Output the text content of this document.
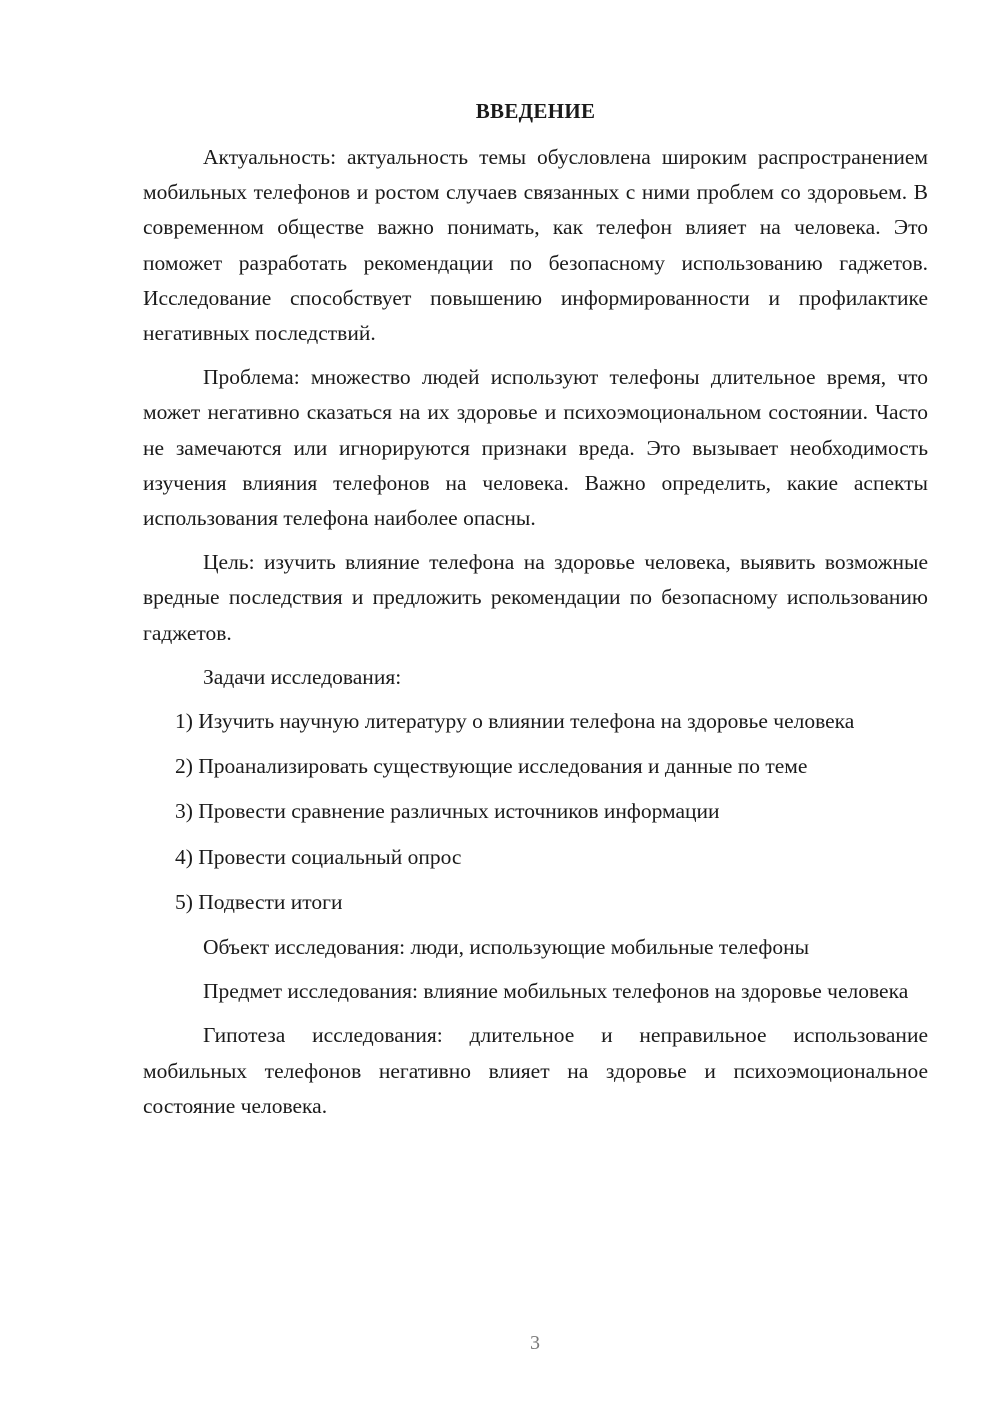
ВВЕДЕНИЕ

Актуальность: актуальность темы обусловлена широким распространением мобильных телефонов и ростом случаев связанных с ними проблем со здоровьем. В современном обществе важно понимать, как телефон влияет на человека. Это поможет разработать рекомендации по безопасному использованию гаджетов. Исследование способствует повышению информированности и профилактике негативных последствий.

Проблема: множество людей используют телефоны длительное время, что может негативно сказаться на их здоровье и психоэмоциональном состоянии. Часто не замечаются или игнорируются признаки вреда. Это вызывает необходимость изучения влияния телефонов на человека. Важно определить, какие аспекты использования телефона наиболее опасны.

Цель: изучить влияние телефона на здоровье человека, выявить возможные вредные последствия и предложить рекомендации по безопасному использованию гаджетов.

Задачи исследования:

1) Изучить научную литературу о влиянии телефона на здоровье человека

2) Проанализировать существующие исследования и данные по теме

3) Провести сравнение различных источников информации

4) Провести социальный опрос

5) Подвести итоги

Объект исследования: люди, использующие мобильные телефоны

Предмет исследования: влияние мобильных телефонов на здоровье человека

Гипотеза исследования: длительное и неправильное использование мобильных телефонов негативно влияет на здоровье и психоэмоциональное состояние человека.

3
